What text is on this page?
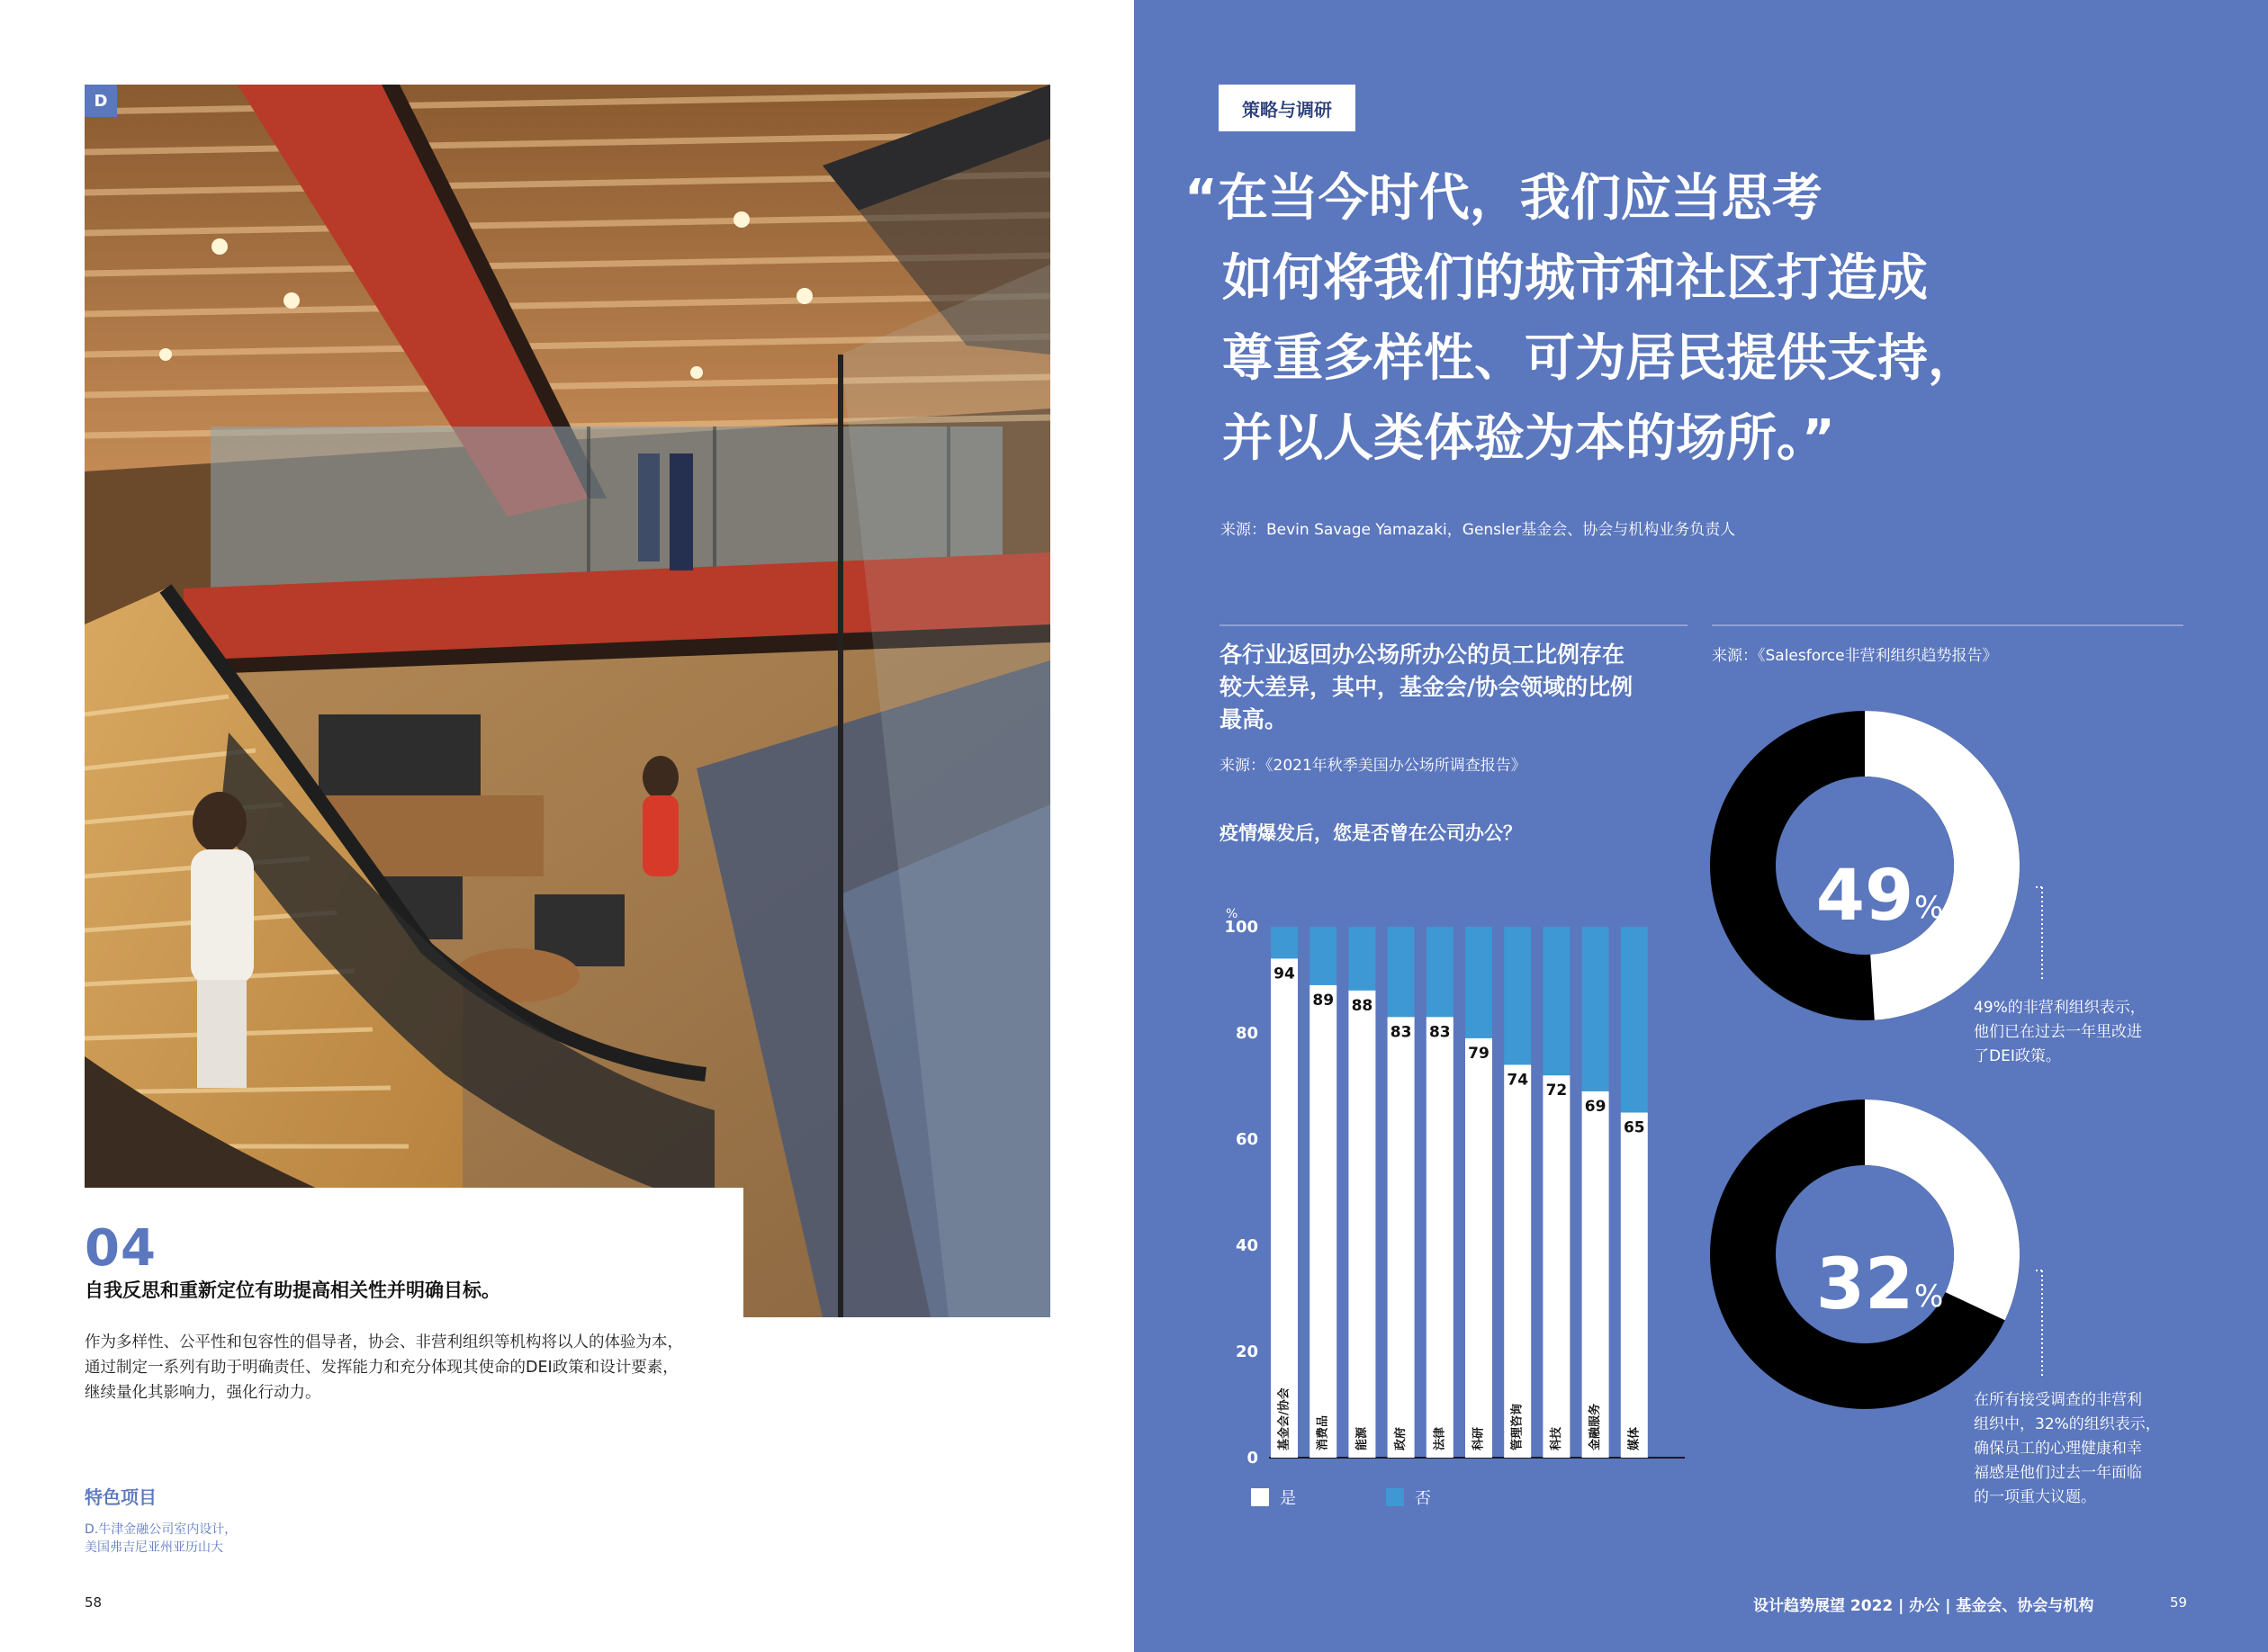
D
04
自我反思和重新定位有助提高相关性并明确目标。
作为多样性、公平性和包容性的倡导者，协会、非营利组织等机构将以人的体验为本，
通过制定一系列有助于明确责任、发挥能力和充分体现其使命的DEI政策和设计要素，
继续量化其影响力，强化行动力。
特色项目
D.牛津金融公司室内设计，
美国弗吉尼亚州亚历山大
58
策略与调研
“在当今时代，我们应当思考
如何将我们的城市和社区打造成
尊重多样性、可为居民提供支持，
并以人类体验为本的场所。”
来源：Bevin Savage Yamazaki，Gensler基金会、协会与机构业务负责人
各行业返回办公场所办公的员工比例存在
较大差异，其中，基金会/协会领域的比例
最高。
来源：《2021年秋季美国办公场所调查报告》
疫情爆发后，您是否曾在公司办公？
%
0
20
40
60
80
100
94
基金会/协会
89
消费品
88
能源
83
政府
83
法律
79
科研
74
管理咨询
72
科技
69
金融服务
65
媒体
是	否
来源：《Salesforce非营利组织趋势报告》
49 %
49%的非营利组织表示，
他们已在过去一年里改进
了DEI政策。
32 %
在所有接受调查的非营利
组织中，32%的组织表示，
确保员工的心理健康和幸
福感是他们过去一年面临
的一项重大议题。
设计趋势展望 2022 | 办公 | 基金会、协会与机构	59
